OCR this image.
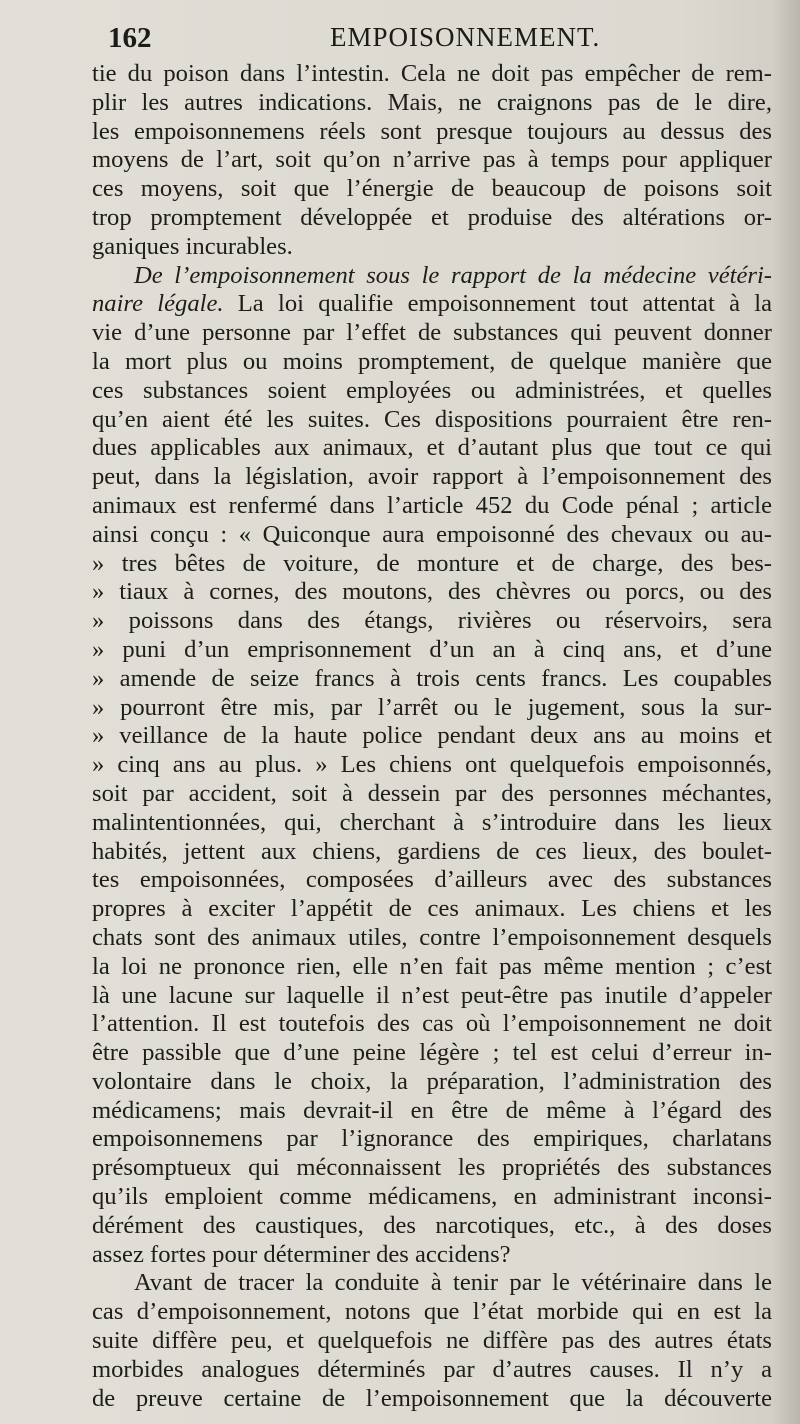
162	EMPOISONNEMENT.
tie du poison dans l’intestin. Cela ne doit pas empêcher de rem-
plir les autres indications. Mais, ne craignons pas de le dire,
les empoisonnemens réels sont presque toujours au dessus des
moyens de l’art, soit qu’on n’arrive pas à temps pour appliquer
ces moyens, soit que l’énergie de beaucoup de poisons soit
trop promptement développée et produise des altérations or-
ganiques incurables.
De l’empoisonnement sous le rapport de la médecine vétéri-
naire légale. La loi qualifie empoisonnement tout attentat à la
vie d’une personne par l’effet de substances qui peuvent donner
la mort plus ou moins promptement, de quelque manière que
ces substances soient employées ou administrées, et quelles
qu’en aient été les suites. Ces dispositions pourraient être ren-
dues applicables aux animaux, et d’autant plus que tout ce qui
peut, dans la législation, avoir rapport à l’empoisonnement des
animaux est renfermé dans l’article 452 du Code pénal ; article
ainsi conçu : « Quiconque aura empoisonné des chevaux ou au-
» tres bêtes de voiture, de monture et de charge, des bes-
» tiaux à cornes, des moutons, des chèvres ou porcs, ou des
» poissons dans des étangs, rivières ou réservoirs, sera
» puni d’un emprisonnement d’un an à cinq ans, et d’une
» amende de seize francs à trois cents francs. Les coupables
» pourront être mis, par l’arrêt ou le jugement, sous la sur-
» veillance de la haute police pendant deux ans au moins et
» cinq ans au plus. » Les chiens ont quelquefois empoisonnés,
soit par accident, soit à dessein par des personnes méchantes,
malintentionnées, qui, cherchant à s’introduire dans les lieux
habités, jettent aux chiens, gardiens de ces lieux, des boulet-
tes empoisonnées, composées d’ailleurs avec des substances
propres à exciter l’appétit de ces animaux. Les chiens et les
chats sont des animaux utiles, contre l’empoisonnement desquels
la loi ne prononce rien, elle n’en fait pas même mention ; c’est
là une lacune sur laquelle il n’est peut-être pas inutile d’appeler
l’attention. Il est toutefois des cas où l’empoisonnement ne doit
être passible que d’une peine légère ; tel est celui d’erreur in-
volontaire dans le choix, la préparation, l’administration des
médicamens; mais devrait-il en être de même à l’égard des
empoisonnemens par l’ignorance des empiriques, charlatans
présomptueux qui méconnaissent les propriétés des substances
qu’ils emploient comme médicamens, en administrant inconsi-
dérément des caustiques, des narcotiques, etc., à des doses
assez fortes pour déterminer des accidens?
Avant de tracer la conduite à tenir par le vétérinaire dans le
cas d’empoisonnement, notons que l’état morbide qui en est la
suite diffère peu, et quelquefois ne diffère pas des autres états
morbides analogues déterminés par d’autres causes. Il n’y a
de preuve certaine de l’empoisonnement que la découverte
